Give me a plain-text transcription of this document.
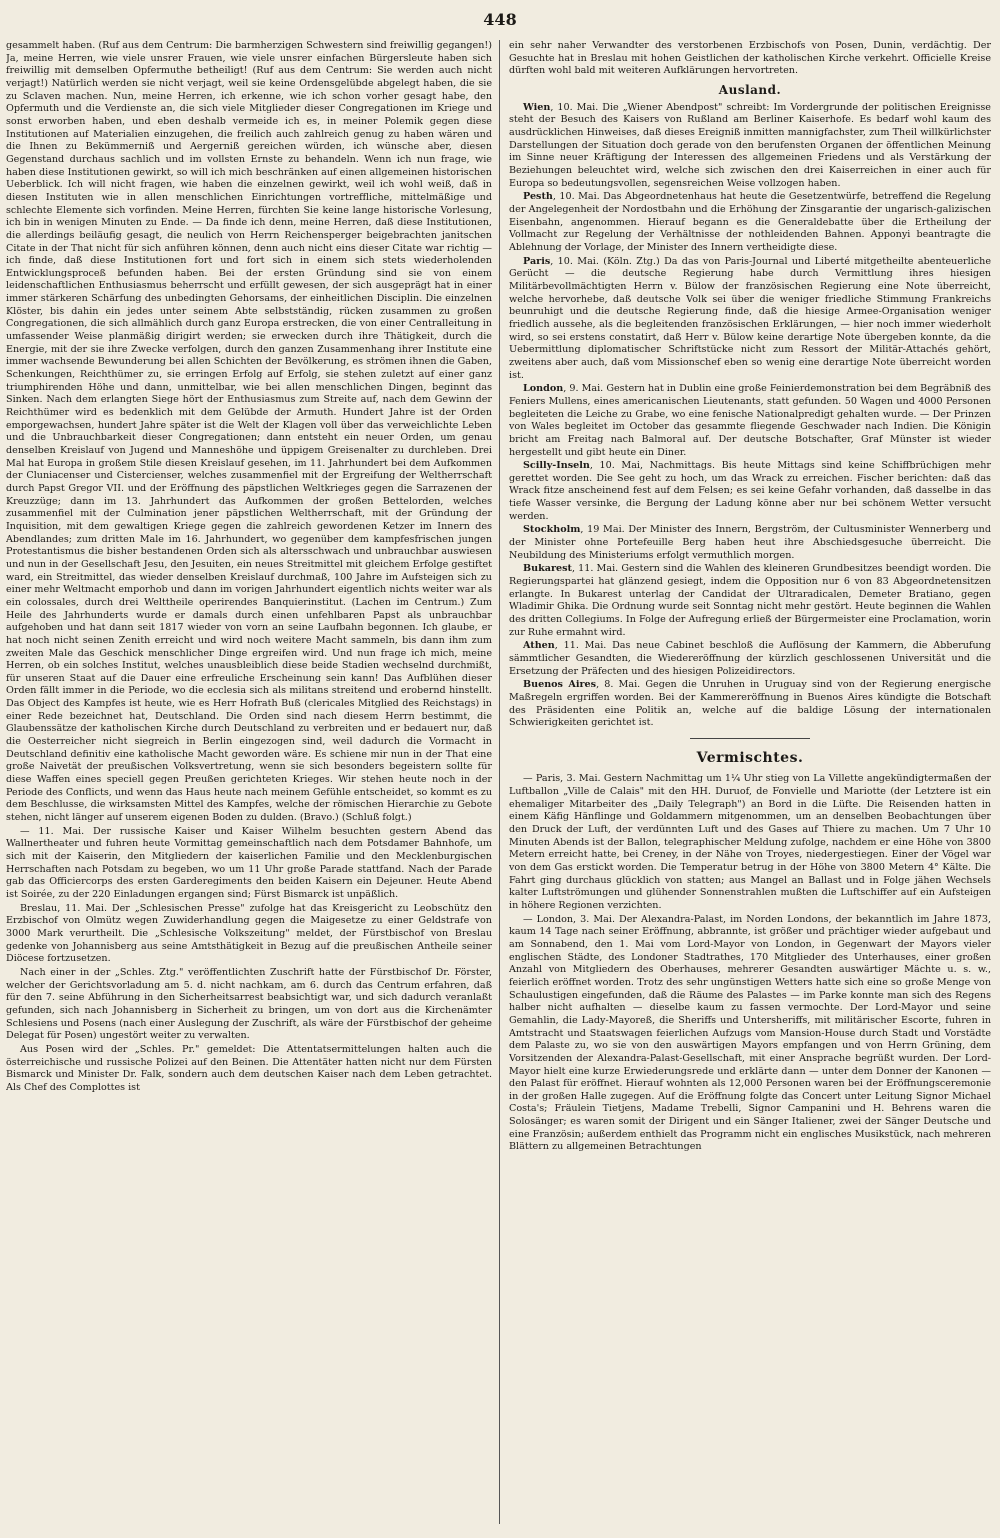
448

gesammelt haben. (Ruf aus dem Centrum: Die barmherzigen Schwestern sind freiwillig gegangen!) Ja, meine Herren, wie viele unsrer Frauen, wie viele unsrer einfachen Bürgersleute haben sich freiwillig mit demselben Opfermuthe betheiligt! (Ruf aus dem Centrum: Sie werden auch nicht verjagt!) Natürlich werden sie nicht verjagt, weil sie keine Ordensgelübde abgelegt haben, die sie zu Sclaven machen. Nun, meine Herren, ich erkenne, wie ich schon vorher gesagt habe, den Opfermuth und die Verdienste an, die sich viele Mitglieder dieser Congregationen im Kriege und sonst erworben haben, und eben deshalb vermeide ich es, in meiner Polemik gegen diese Institutionen auf Materialien einzugehen, die freilich auch zahlreich genug zu haben wären und die Ihnen zu Bekümmerniß und Aergerniß gereichen würden, ich wünsche aber, diesen Gegenstand durchaus sachlich und im vollsten Ernste zu behandeln. Wenn ich nun frage, wie haben diese Institutionen gewirkt, so will ich mich beschränken auf einen allgemeinen historischen Ueberblick. Ich will nicht fragen, wie haben die einzelnen gewirkt, weil ich wohl weiß, daß in diesen Instituten wie in allen menschlichen Einrichtungen vortreffliche, mittelmäßige und schlechte Elemente sich vorfinden. Meine Herren, fürchten Sie keine lange historische Vorlesung, ich bin in wenigen Minuten zu Ende. — Da finde ich denn, meine Herren, daß diese Institutionen, die allerdings beiläufig gesagt, die neulich von Herrn Reichensperger beigebrachten janitschen Citate in der That nicht für sich anführen können, denn auch nicht eins dieser Citate war richtig — ich finde, daß diese Institutionen fort und fort sich in einem sich stets wiederholenden Entwicklungsproceß befunden haben. Bei der ersten Gründung sind sie von einem leidenschaftlichen Enthusiasmus beherrscht und erfüllt gewesen, der sich ausgeprägt hat in einer immer stärkeren Schärfung des unbedingten Gehorsams, der einheitlichen Disciplin. Die einzelnen Klöster, bis dahin ein jedes unter seinem Abte selbstständig, rücken zusammen zu großen Congregationen, die sich allmählich durch ganz Europa erstrecken, die von einer Centralleitung in umfassender Weise planmäßig dirigirt werden; sie erwecken durch ihre Thätigkeit, durch die Energie, mit der sie ihre Zwecke verfolgen, durch den ganzen Zusammenhang ihrer Institute eine immer wachsende Bewunderung bei allen Schichten der Bevölkerung, es strömen ihnen die Gaben, Schenkungen, Reichthümer zu, sie erringen Erfolg auf Erfolg, sie stehen zuletzt auf einer ganz triumphirenden Höhe und dann, unmittelbar, wie bei allen menschlichen Dingen, beginnt das Sinken. Nach dem erlangten Siege hört der Enthusiasmus zum Streite auf, nach dem Gewinn der Reichthümer wird es bedenklich mit dem Gelübde der Armuth. Hundert Jahre ist der Orden emporgewachsen, hundert Jahre später ist die Welt der Klagen voll über das verweichlichte Leben und die Unbrauchbarkeit dieser Congregationen; dann entsteht ein neuer Orden, um genau denselben Kreislauf von Jugend und Manneshöhe und üppigem Greisenalter zu durchleben. Drei Mal hat Europa in großem Stile diesen Kreislauf gesehen, im 11. Jahrhundert bei dem Aufkommen der Cluniacenser und Cistercienser, welches zusammenfiel mit der Ergreifung der Weltherrschaft durch Papst Gregor VII. und der Eröffnung des päpstlichen Weltkrieges gegen die Sarrazenen der Kreuzzüge; dann im 13. Jahrhundert das Aufkommen der großen Bettelorden, welches zusammenfiel mit der Culmination jener päpstlichen Weltherrschaft, mit der Gründung der Inquisition, mit dem gewaltigen Kriege gegen die zahlreich gewordenen Ketzer im Innern des Abendlandes; zum dritten Male im 16. Jahrhundert, wo gegenüber dem kampfesfrischen jungen Protestantismus die bisher bestandenen Orden sich als altersschwach und unbrauchbar auswiesen und nun in der Gesellschaft Jesu, den Jesuiten, ein neues Streitmittel mit gleichem Erfolge gestiftet ward, ein Streitmittel, das wieder denselben Kreislauf durchmaß, 100 Jahre im Aufsteigen sich zu einer mehr Weltmacht emporhob und dann im vorigen Jahrhundert eigentlich nichts weiter war als ein colossales, durch drei Welttheile operirendes Banquierinstitut. (Lachen im Centrum.) Zum Heile des Jahrhunderts wurde er damals durch einen unfehlbaren Papst als unbrauchbar aufgehoben und hat dann seit 1817 wieder von vorn an seine Laufbahn begonnen. Ich glaube, er hat noch nicht seinen Zenith erreicht und wird noch weitere Macht sammeln, bis dann ihm zum zweiten Male das Geschick menschlicher Dinge ergreifen wird. Und nun frage ich mich, meine Herren, ob ein solches Institut, welches unausbleiblich diese beide Stadien wechselnd durchmißt, für unseren Staat auf die Dauer eine erfreuliche Erscheinung sein kann! Das Aufblühen dieser Orden fällt immer in die Periode, wo die ecclesia sich als militans streitend und erobernd hinstellt. Das Object des Kampfes ist heute, wie es Herr Hofrath Buß (clericales Mitglied des Reichstags) in einer Rede bezeichnet hat, Deutschland. Die Orden sind nach diesem Herrn bestimmt, die Glaubenssätze der katholischen Kirche durch Deutschland zu verbreiten und er bedauert nur, daß die Oesterreicher nicht siegreich in Berlin eingezogen sind, weil dadurch die Vormacht in Deutschland definitiv eine katholische Macht geworden wäre. Es schiene mir nun in der That eine große Naivetät der preußischen Volksvertretung, wenn sie sich besonders begeistern sollte für diese Waffen eines speciell gegen Preußen gerichteten Krieges. Wir stehen heute noch in der Periode des Conflicts, und wenn das Haus heute nach meinem Gefühle entscheidet, so kommt es zu dem Beschlusse, die wirksamsten Mittel des Kampfes, welche der römischen Hierarchie zu Gebote stehen, nicht länger auf unserem eigenen Boden zu dulden. (Bravo.) (Schluß folgt.)

— 11. Mai. Der russische Kaiser und Kaiser Wilhelm besuchten gestern Abend das Wallnertheater und fuhren heute Vormittag gemeinschaftlich nach dem Potsdamer Bahnhofe, um sich mit der Kaiserin, den Mitgliedern der kaiserlichen Familie und den Mecklenburgischen Herrschaften nach Potsdam zu begeben, wo um 11 Uhr große Parade stattfand. Nach der Parade gab das Officiercorps des ersten Garderegiments den beiden Kaisern ein Dejeuner. Heute Abend ist Soirée, zu der 220 Einladungen ergangen sind; Fürst Bismarck ist unpäßlich.

Breslau, 11. Mai. Der „Schlesischen Presse" zufolge hat das Kreisgericht zu Leobschütz den Erzbischof von Olmütz wegen Zuwiderhandlung gegen die Maigesetze zu einer Geldstrafe von 3000 Mark verurtheilt. Die „Schlesische Volkszeitung" meldet, der Fürstbischof von Breslau gedenke von Johannisberg aus seine Amtsthätigkeit in Bezug auf die preußischen Antheile seiner Diöcese fortzusetzen.

Nach einer in der „Schles. Ztg." veröffentlichten Zuschrift hatte der Fürstbischof Dr. Förster, welcher der Gerichtsvorladung am 5. d. nicht nachkam, am 6. durch das Centrum erfahren, daß für den 7. seine Abführung in den Sicherheitsarrest beabsichtigt war, und sich dadurch veranlaßt gefunden, sich nach Johannisberg in Sicherheit zu bringen, um von dort aus die Kirchenämter Schlesiens und Posens (nach einer Auslegung der Zuschrift, als wäre der Fürstbischof der geheime Delegat für Posen) ungestört weiter zu verwalten.

Aus Posen wird der „Schles. Pr." gemeldet: Die Attentatsermittelungen halten auch die österreichische und russische Polizei auf den Beinen. Die Attentäter hatten nicht nur dem Fürsten Bismarck und Minister Dr. Falk, sondern auch dem deutschen Kaiser nach dem Leben getrachtet. Als Chef des Complottes ist

ein sehr naher Verwandter des verstorbenen Erzbischofs von Posen, Dunin, verdächtig. Der Gesuchte hat in Breslau mit hohen Geistlichen der katholischen Kirche verkehrt. Officielle Kreise dürften wohl bald mit weiteren Aufklärungen hervortreten.

Ausland.

Wien, 10. Mai. Die „Wiener Abendpost" schreibt: Im Vordergrunde der politischen Ereignisse steht der Besuch des Kaisers von Rußland am Berliner Kaiserhofe. Es bedarf wohl kaum des ausdrücklichen Hinweises, daß dieses Ereigniß inmitten mannigfachster, zum Theil willkürlichster Darstellungen der Situation doch gerade von den berufensten Organen der öffentlichen Meinung im Sinne neuer Kräftigung der Interessen des allgemeinen Friedens und als Verstärkung der Beziehungen beleuchtet wird, welche sich zwischen den drei Kaiserreichen in einer auch für Europa so bedeutungsvollen, segensreichen Weise vollzogen haben.

Pesth, 10. Mai. Das Abgeordnetenhaus hat heute die Gesetzentwürfe, betreffend die Regelung der Angelegenheit der Nordostbahn und die Erhöhung der Zinsgarantie der ungarisch-galizischen Eisenbahn, angenommen. Hierauf begann es die Generaldebatte über die Ertheilung der Vollmacht zur Regelung der Verhältnisse der nothleidenden Bahnen. Apponyi beantragte die Ablehnung der Vorlage, der Minister des Innern vertheidigte diese.

Paris, 10. Mai. (Köln. Ztg.) Da das von Paris-Journal und Liberté mitgetheilte abenteuerliche Gerücht — die deutsche Regierung habe durch Vermittlung ihres hiesigen Militärbevollmächtigten Herrn v. Bülow der französischen Regierung eine Note überreicht, welche hervorhebe, daß deutsche Volk sei über die weniger friedliche Stimmung Frankreichs beunruhigt und die deutsche Regierung finde, daß die hiesige Armee-Organisation weniger friedlich aussehe, als die begleitenden französischen Erklärungen, — hier noch immer wiederholt wird, so sei erstens constatirt, daß Herr v. Bülow keine derartige Note übergeben konnte, da die Uebermittlung diplomatischer Schriftstücke nicht zum Ressort der Militär-Attachés gehört, zweitens aber auch, daß vom Missionschef eben so wenig eine derartige Note überreicht worden ist.

London, 9. Mai. Gestern hat in Dublin eine große Feinierdemonstration bei dem Begräbniß des Feniers Mullens, eines americanischen Lieutenants, statt gefunden. 50 Wagen und 4000 Personen begleiteten die Leiche zu Grabe, wo eine fenische Nationalpredigt gehalten wurde. — Der Prinzen von Wales begleitet im October das gesammte fliegende Geschwader nach Indien. Die Königin bricht am Freitag nach Balmoral auf. Der deutsche Botschafter, Graf Münster ist wieder hergestellt und gibt heute ein Diner.

Scilly-Inseln, 10. Mai, Nachmittags. Bis heute Mittags sind keine Schiffbrüchigen mehr gerettet worden. Die See geht zu hoch, um das Wrack zu erreichen. Fischer berichten: daß das Wrack fitze anscheinend fest auf dem Felsen; es sei keine Gefahr vorhanden, daß dasselbe in das tiefe Wasser versinke, die Bergung der Ladung könne aber nur bei schönem Wetter versucht werden.

Stockholm, 19 Mai. Der Minister des Innern, Bergström, der Cultusminister Wennerberg und der Minister ohne Portefeuille Berg haben heut ihre Abschiedsgesuche überreicht. Die Neubildung des Ministeriums erfolgt vermuthlich morgen.

Bukarest, 11. Mai. Gestern sind die Wahlen des kleineren Grundbesitzes beendigt worden. Die Regierungspartei hat glänzend gesiegt, indem die Opposition nur 6 von 83 Abgeordnetensitzen erlangte. In Bukarest unterlag der Candidat der Ultraradicalen, Demeter Bratiano, gegen Wladimir Ghika. Die Ordnung wurde seit Sonntag nicht mehr gestört. Heute beginnen die Wahlen des dritten Collegiums. In Folge der Aufregung erließ der Bürgermeister eine Proclamation, worin zur Ruhe ermahnt wird.

Athen, 11. Mai. Das neue Cabinet beschloß die Auflösung der Kammern, die Abberufung sämmtlicher Gesandten, die Wiedereröffnung der kürzlich geschlossenen Universität und die Ersetzung der Präfecten und des hiesigen Polizeidirectors.

Buenos Aires, 8. Mai. Gegen die Unruhen in Uruguay sind von der Regierung energische Maßregeln ergriffen worden. Bei der Kammereröffnung in Buenos Aires kündigte die Botschaft des Präsidenten eine Politik an, welche auf die baldige Lösung der internationalen Schwierigkeiten gerichtet ist.

Vermischtes.

— Paris, 3. Mai. Gestern Nachmittag um 1¼ Uhr stieg von La Villette angekündigtermaßen der Luftballon „Ville de Calais" mit den HH. Duruof, de Fonvielle und Mariotte (der Letztere ist ein ehemaliger Mitarbeiter des „Daily Telegraph") an Bord in die Lüfte. Die Reisenden hatten in einem Käfig Hänflinge und Goldammern mitgenommen, um an denselben Beobachtungen über den Druck der Luft, der verdünnten Luft und des Gases auf Thiere zu machen. Um 7 Uhr 10 Minuten Abends ist der Ballon, telegraphischer Meldung zufolge, nachdem er eine Höhe von 3800 Metern erreicht hatte, bei Creney, in der Nähe von Troyes, niedergestiegen. Einer der Vögel war von dem Gas erstickt worden. Die Temperatur betrug in der Höhe von 3800 Metern 4° Kälte. Die Fahrt ging durchaus glücklich von statten; aus Mangel an Ballast und in Folge jähen Wechsels kalter Luftströmungen und glühender Sonnenstrahlen mußten die Luftschiffer auf ein Aufsteigen in höhere Regionen verzichten.

— London, 3. Mai. Der Alexandra-Palast, im Norden Londons, der bekanntlich im Jahre 1873, kaum 14 Tage nach seiner Eröffnung, abbrannte, ist größer und prächtiger wieder aufgebaut und am Sonnabend, den 1. Mai vom Lord-Mayor von London, in Gegenwart der Mayors vieler englischen Städte, des Londoner Stadtrathes, 170 Mitglieder des Unterhauses, einer großen Anzahl von Mitgliedern des Oberhauses, mehrerer Gesandten auswärtiger Mächte u. s. w., feierlich eröffnet worden. Trotz des sehr ungünstigen Wetters hatte sich eine so große Menge von Schaulustigen eingefunden, daß die Räume des Palastes — im Parke konnte man sich des Regens halber nicht aufhalten — dieselbe kaum zu fassen vermochte. Der Lord-Mayor und seine Gemahlin, die Lady-Mayoreß, die Sheriffs und Untersheriffs, mit militärischer Escorte, fuhren in Amtstracht und Staatswagen feierlichen Aufzugs vom Mansion-House durch Stadt und Vorstädte dem Palaste zu, wo sie von den auswärtigen Mayors empfangen und von Herrn Grüning, dem Vorsitzenden der Alexandra-Palast-Gesellschaft, mit einer Ansprache begrüßt wurden. Der Lord-Mayor hielt eine kurze Erwiederungsrede und erklärte dann — unter dem Donner der Kanonen — den Palast für eröffnet. Hierauf wohnten als 12,000 Personen waren bei der Eröffnungsceremonie in der großen Halle zugegen. Auf die Eröffnung folgte das Concert unter Leitung Signor Michael Costa's; Fräulein Tietjens, Madame Trebelli, Signor Campanini und H. Behrens waren die Solosänger; es waren somit der Dirigent und ein Sänger Italiener, zwei der Sänger Deutsche und eine Französin; außerdem enthielt das Programm nicht ein englisches Musikstück, nach mehreren Blättern zu allgemeinen Betrachtungen
